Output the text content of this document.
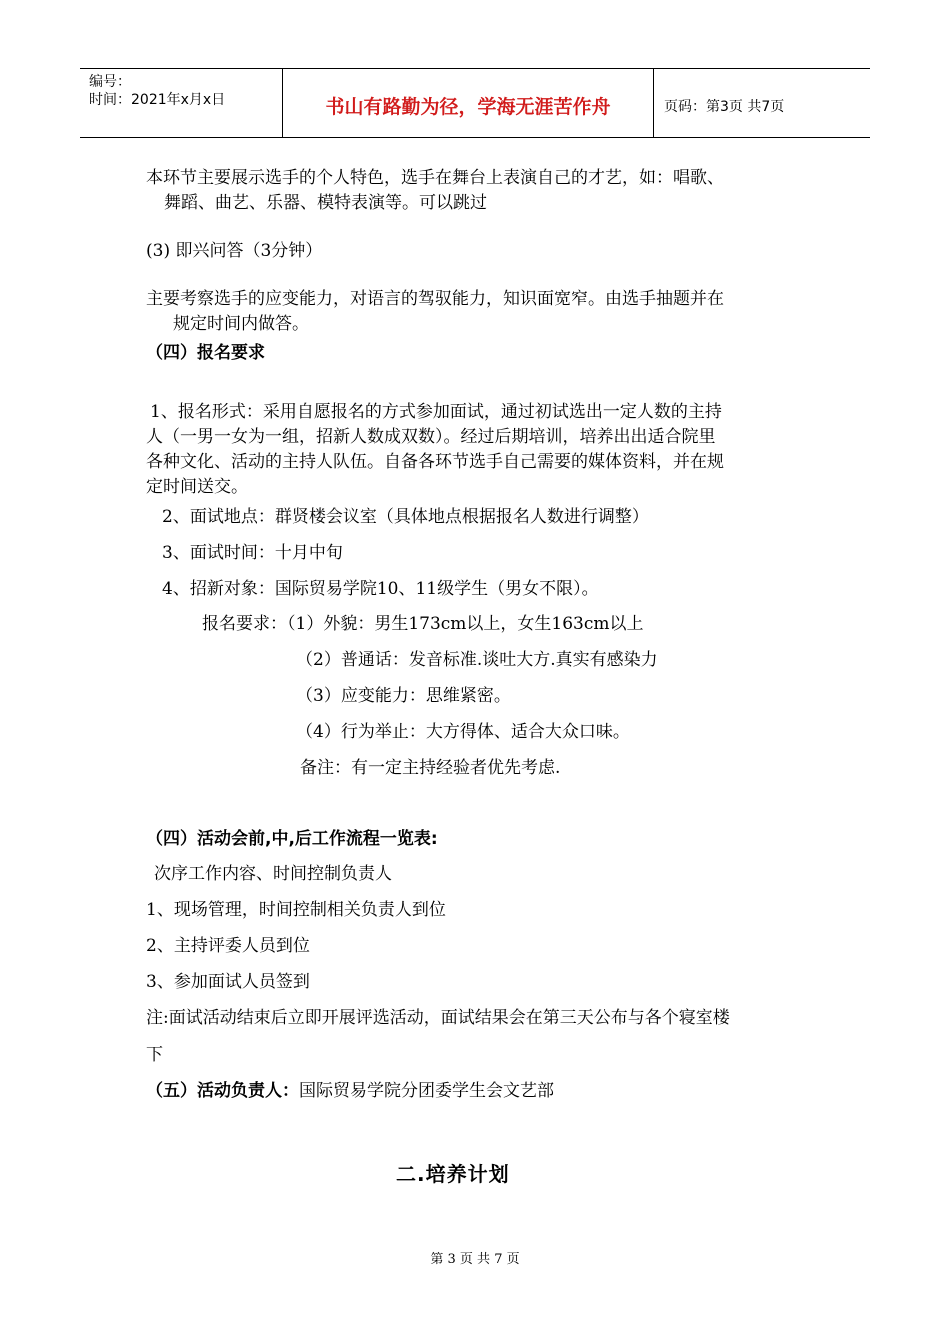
编号：
时间：2021年x月x日	书山有路勤为径，学海无涯苦作舟	页码：第3页 共7页
本环节主要展示选手的个人特色，选手在舞台上表演自己的才艺，如：唱歌、
舞蹈、曲艺、乐器、模特表演等。可以跳过
(3) 即兴问答（3分钟）
主要考察选手的应变能力，对语言的驾驭能力，知识面宽窄。由选手抽题并在
规定时间内做答。
（四）报名要求
1、报名形式：采用自愿报名的方式参加面试，通过初试选出一定人数的主持
人（一男一女为一组，招新人数成双数）。经过后期培训，培养出出适合院里
各种文化、活动的主持人队伍。自备各环节选手自己需要的媒体资料，并在规
定时间送交。
2、面试地点：群贤楼会议室（具体地点根据报名人数进行调整）
3、面试时间：十月中旬
4、招新对象：国际贸易学院10、11级学生（男女不限）。
报名要求：（1）外貌：男生173cm以上，女生163cm以上
（2）普通话：发音标准.谈吐大方.真实有感染力
（3）应变能力：思维紧密。
（4）行为举止：大方得体、适合大众口味。
备注：有一定主持经验者优先考虑.
（四）活动会前,中,后工作流程一览表:
次序工作内容、时间控制负责人
1、现场管理，时间控制相关负责人到位
2、主持评委人员到位
3、参加面试人员签到
注:面试活动结束后立即开展评选活动，面试结果会在第三天公布与各个寝室楼
下
（五）活动负责人：国际贸易学院分团委学生会文艺部
二.培养计划
第 3 页 共 7 页
